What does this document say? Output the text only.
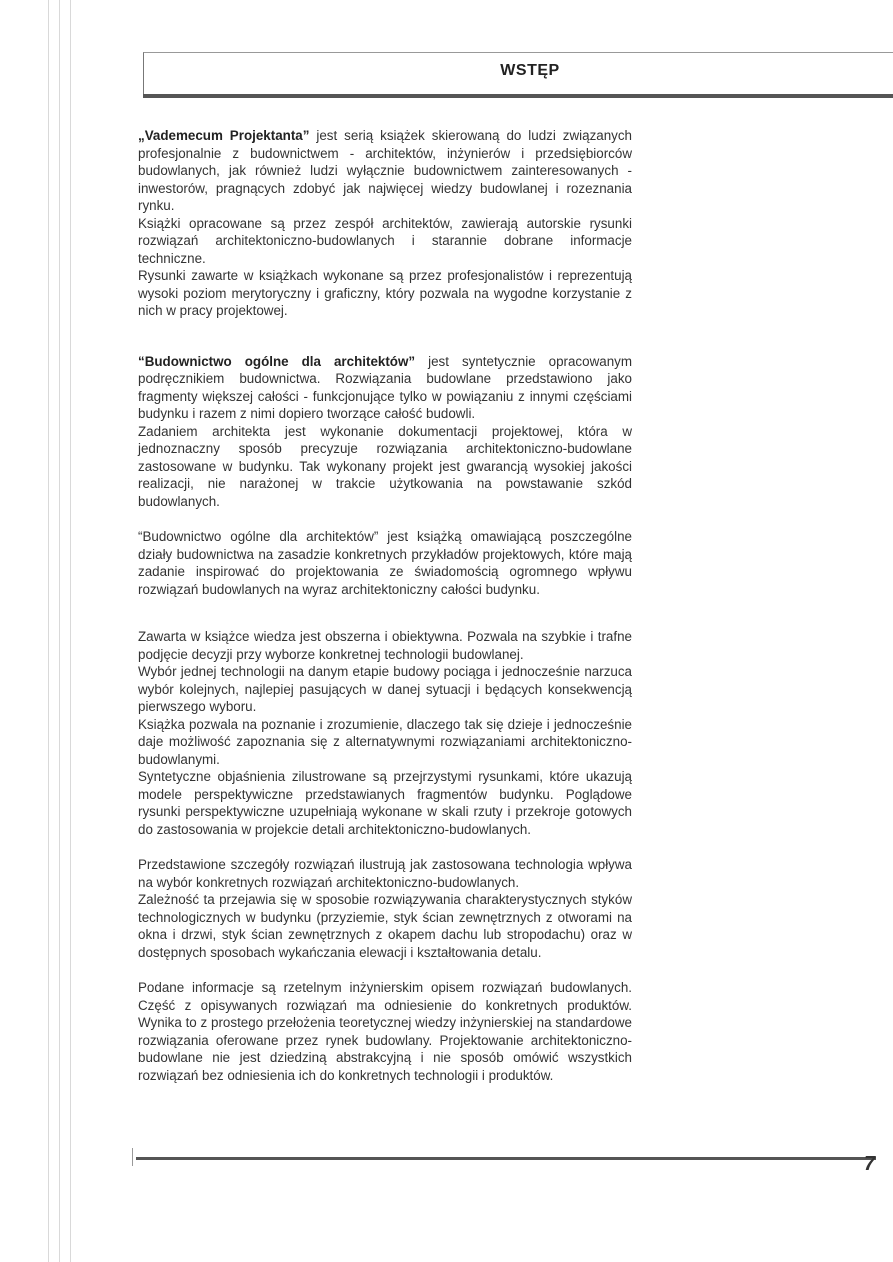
WSTĘP

„Vademecum Projektanta” jest serią książek skierowaną do ludzi związanych profesjonalnie z budownictwem - architektów, inżynierów i przedsiębiorców budowlanych, jak również ludzi wyłącznie budownictwem zainteresowanych - inwestorów, pragnących zdobyć jak najwięcej wiedzy budowlanej i rozeznania rynku.

Książki opracowane są przez zespół architektów, zawierają autorskie rysunki rozwiązań architektoniczno-budowlanych i starannie dobrane informacje techniczne.

Rysunki zawarte w książkach wykonane są przez profesjonalistów i reprezentują wysoki poziom merytoryczny i graficzny, który pozwala na wygodne korzystanie z nich w pracy projektowej.

“Budownictwo ogólne dla architektów” jest syntetycznie opracowanym podręcznikiem budownictwa. Rozwiązania budowlane przedstawiono jako fragmenty większej całości - funkcjonujące tylko w powiązaniu z innymi częściami budynku i razem z nimi dopiero tworzące całość budowli.

Zadaniem architekta jest wykonanie dokumentacji projektowej, która w jednoznaczny sposób precyzuje rozwiązania architektoniczno-budowlane zastosowane w budynku. Tak wykonany projekt jest gwarancją wysokiej jakości realizacji, nie narażonej w trakcie użytkowania na powstawanie szkód budowlanych.

“Budownictwo ogólne dla architektów” jest książką omawiającą poszczególne działy budownictwa na zasadzie konkretnych przykładów projektowych, które mają zadanie inspirować do projektowania ze świadomością ogromnego wpływu rozwiązań budowlanych na wyraz architektoniczny całości budynku.

Zawarta w książce wiedza jest obszerna i obiektywna. Pozwala na szybkie i trafne podjęcie decyzji przy wyborze konkretnej technologii budowlanej.

Wybór jednej technologii na danym etapie budowy pociąga i jednocześnie narzuca wybór kolejnych, najlepiej pasujących w danej sytuacji i będących konsekwencją pierwszego wyboru.

Książka pozwala na poznanie i zrozumienie, dlaczego tak się dzieje i jednocześnie daje możliwość zapoznania się z alternatywnymi rozwiązaniami architektoniczno-budowlanymi.

Syntetyczne objaśnienia zilustrowane są przejrzystymi rysunkami, które ukazują modele perspektywiczne przedstawianych fragmentów budynku. Poglądowe rysunki perspektywiczne uzupełniają wykonane w skali rzuty i przekroje gotowych do zastosowania w projekcie detali architektoniczno-budowlanych.

Przedstawione szczegóły rozwiązań ilustrują jak zastosowana technologia wpływa na wybór konkretnych rozwiązań architektoniczno-budowlanych.

Zależność ta przejawia się w sposobie rozwiązywania charakterystycznych styków technologicznych w budynku (przyziemie, styk ścian zewnętrznych z otworami na okna i drzwi, styk ścian zewnętrznych z okapem dachu lub stropodachu) oraz w dostępnych sposobach wykańczania elewacji i kształtowania detalu.

Podane informacje są rzetelnym inżynierskim opisem rozwiązań budowlanych. Część z opisywanych rozwiązań ma odniesienie do konkretnych produktów. Wynika to z prostego przełożenia teoretycznej wiedzy inżynierskiej na standardowe rozwiązania oferowane przez rynek budowlany. Projektowanie architektoniczno-budowlane nie jest dziedziną abstrakcyjną i nie sposób omówić wszystkich rozwiązań bez odniesienia ich do konkretnych technologii i produktów.

7
